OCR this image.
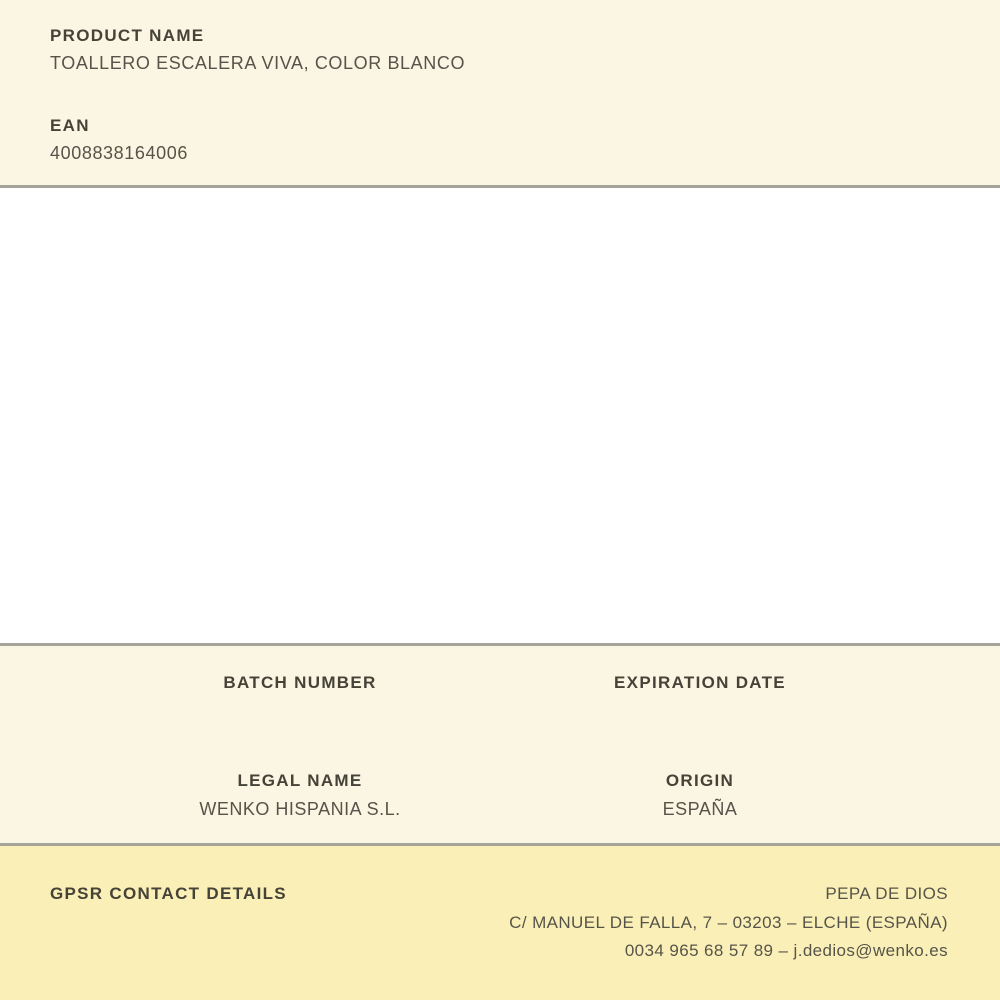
PRODUCT NAME
TOALLERO ESCALERA VIVA, COLOR BLANCO
EAN
4008838164006
BATCH NUMBER	EXPIRATION DATE
LEGAL NAME
WENKO HISPANIA S.L.
ORIGIN
ESPAÑA
GPSR CONTACT DETAILS	PEPA DE DIOS
C/ MANUEL DE FALLA, 7 – 03203 – ELCHE (ESPAÑA)
0034 965 68 57 89 – j.dedios@wenko.es
